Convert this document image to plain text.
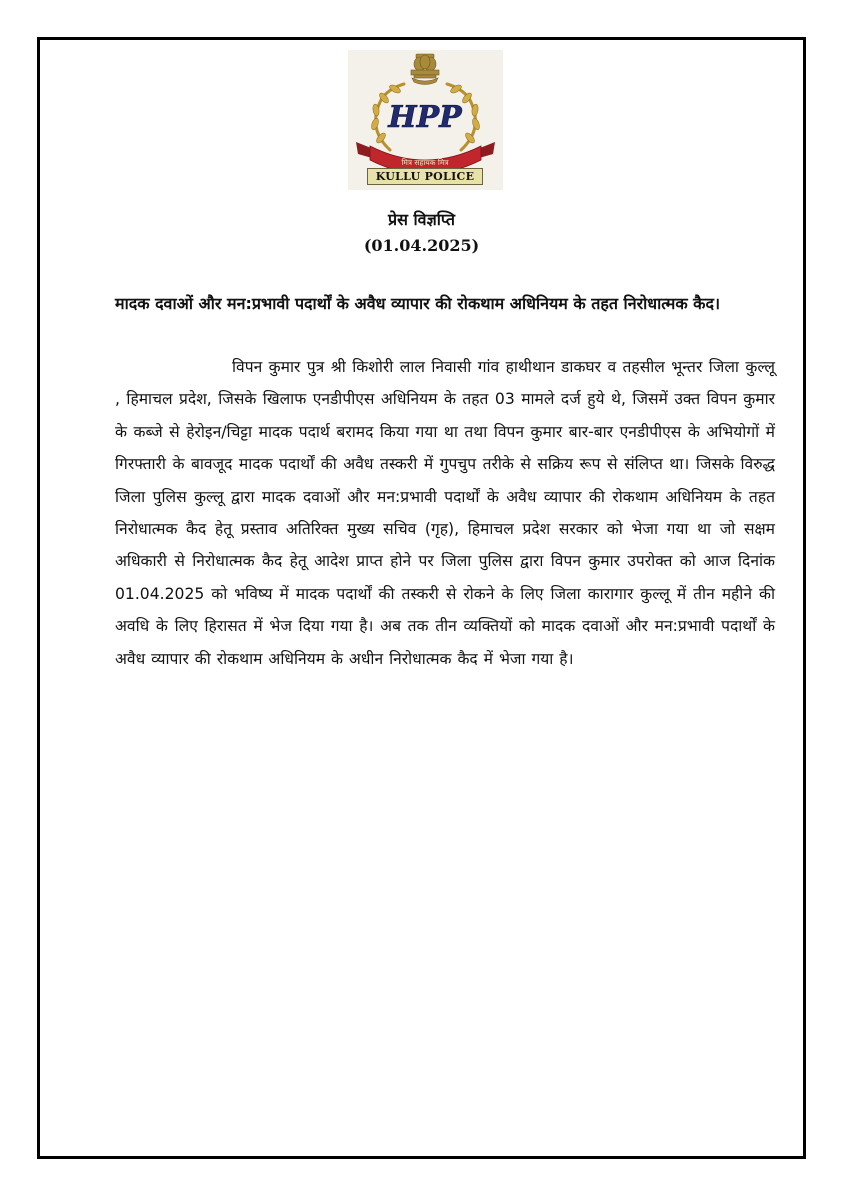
HPP
मित्र सहायक मित्र
KULLU POLICE
प्रेस विज्ञप्ति
(01.04.2025)
मादक दवाओं और मन:प्रभावी पदार्थों के अवैध व्यापार की रोकथाम अधिनियम के तहत निरोधात्मक कैद।
विपन कुमार पुत्र श्री किशोरी लाल निवासी गांव हाथीथान डाकघर व तहसील भून्तर जिला कुल्लू , हिमाचल प्रदेश, जिसके खिलाफ एनडीपीएस अधिनियम के तहत 03 मामले दर्ज हुये थे, जिसमें उक्त विपन कुमार के कब्जे से हेरोइन/चिट्टा मादक पदार्थ बरामद किया गया था तथा विपन कुमार बार-बार एनडीपीएस के अभियोगों में गिरफ्तारी के बावजूद मादक पदार्थों की अवैध तस्करी में गुपचुप तरीके से सक्रिय रूप से संलिप्त था। जिसके विरुद्ध जिला पुलिस कुल्लू द्वारा मादक दवाओं और मन:प्रभावी पदार्थों के अवैध व्यापार की रोकथाम अधिनियम के तहत निरोधात्मक कैद हेतू प्रस्ताव अतिरिक्त मुख्य सचिव (गृह), हिमाचल प्रदेश सरकार को भेजा गया था जो सक्षम अधिकारी से निरोधात्मक कैद हेतू आदेश प्राप्त होने पर जिला पुलिस द्वारा विपन कुमार उपरोक्त को आज दिनांक 01.04.2025 को भविष्य में मादक पदार्थों की तस्करी से रोकने के लिए जिला कारागार कुल्लू में तीन महीने की अवधि के लिए हिरासत में भेज दिया गया है। अब तक तीन व्यक्तियों को मादक दवाओं और मन:प्रभावी पदार्थों के अवैध व्यापार की रोकथाम अधिनियम के अधीन निरोधात्मक कैद में भेजा गया है।
